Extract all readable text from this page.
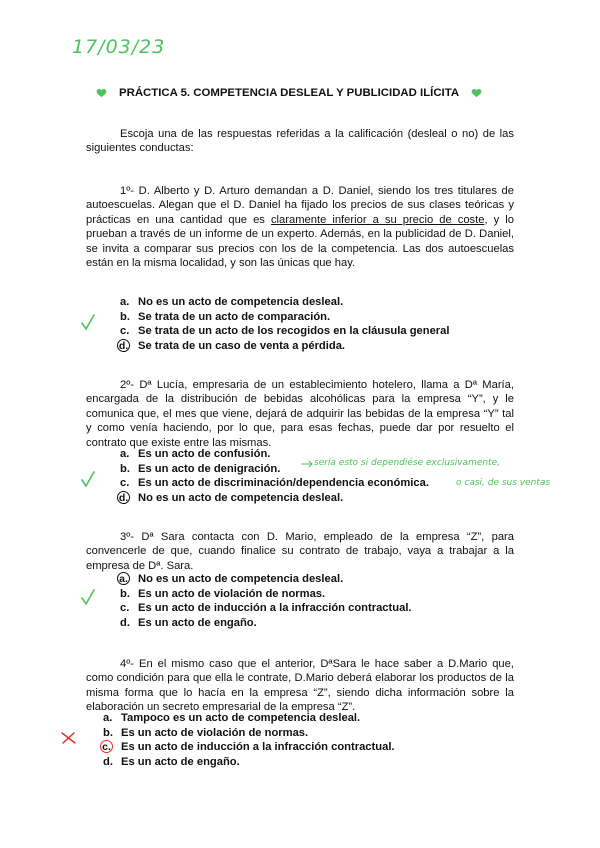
17/03/23
PRÁCTICA 5. COMPETENCIA DESLEAL Y PUBLICIDAD ILÍCITA
Escoja una de las respuestas referidas a la calificación (desleal o no) de las siguientes conductas:
1º- D. Alberto y D. Arturo demandan a D. Daniel, siendo los tres titulares de autoescuelas. Alegan que el D. Daniel ha fijado los precios de sus clases teóricas y prácticas en una cantidad que es claramente inferior a su precio de coste, y lo prueban a través de un informe de un experto. Además, en la publicidad de D. Daniel, se invita a comparar sus precios con los de la competencia. Las dos autoescuelas están en la misma localidad, y son las únicas que hay.
a. No es un acto de competencia desleal.
b. Se trata de un acto de comparación.
c. Se trata de un acto de los recogidos en la cláusula general
d. Se trata de un caso de venta a pérdida.
2º- Dª Lucía, empresaria de un establecimiento hotelero, llama a Dª María, encargada de la distribución de bebidas alcohólicas para la empresa “Y”, y le comunica que, el mes que viene, dejará de adquirir las bebidas de la empresa “Y” tal y como venía haciendo, por lo que, para esas fechas, puede dar por resuelto el contrato que existe entre las mismas.
a. Es un acto de confusión.
b. Es un acto de denigración.
c. Es un acto de discriminación/dependencia económica.
d. No es un acto de competencia desleal.
sería esto si dependiése exclusivamente,
o casi, de sus ventas
3º- Dª Sara contacta con D. Mario, empleado de la empresa “Z”, para convencerle de que, cuando finalice su contrato de trabajo, vaya a trabajar a la empresa de Dª. Sara.
a. No es un acto de competencia desleal.
b. Es un acto de violación de normas.
c. Es un acto de inducción a la infracción contractual.
d. Es un acto de engaño.
4º- En el mismo caso que el anterior, DªSara le hace saber a D.Mario que, como condición para que ella le contrate, D.Mario deberá elaborar los productos de la misma forma que lo hacía en la empresa “Z”, siendo dicha información sobre la elaboración un secreto empresarial de la empresa “Z”.
a. Tampoco es un acto de competencia desleal.
b. Es un acto de violación de normas.
c. Es un acto de inducción a la infracción contractual.
d. Es un acto de engaño.
